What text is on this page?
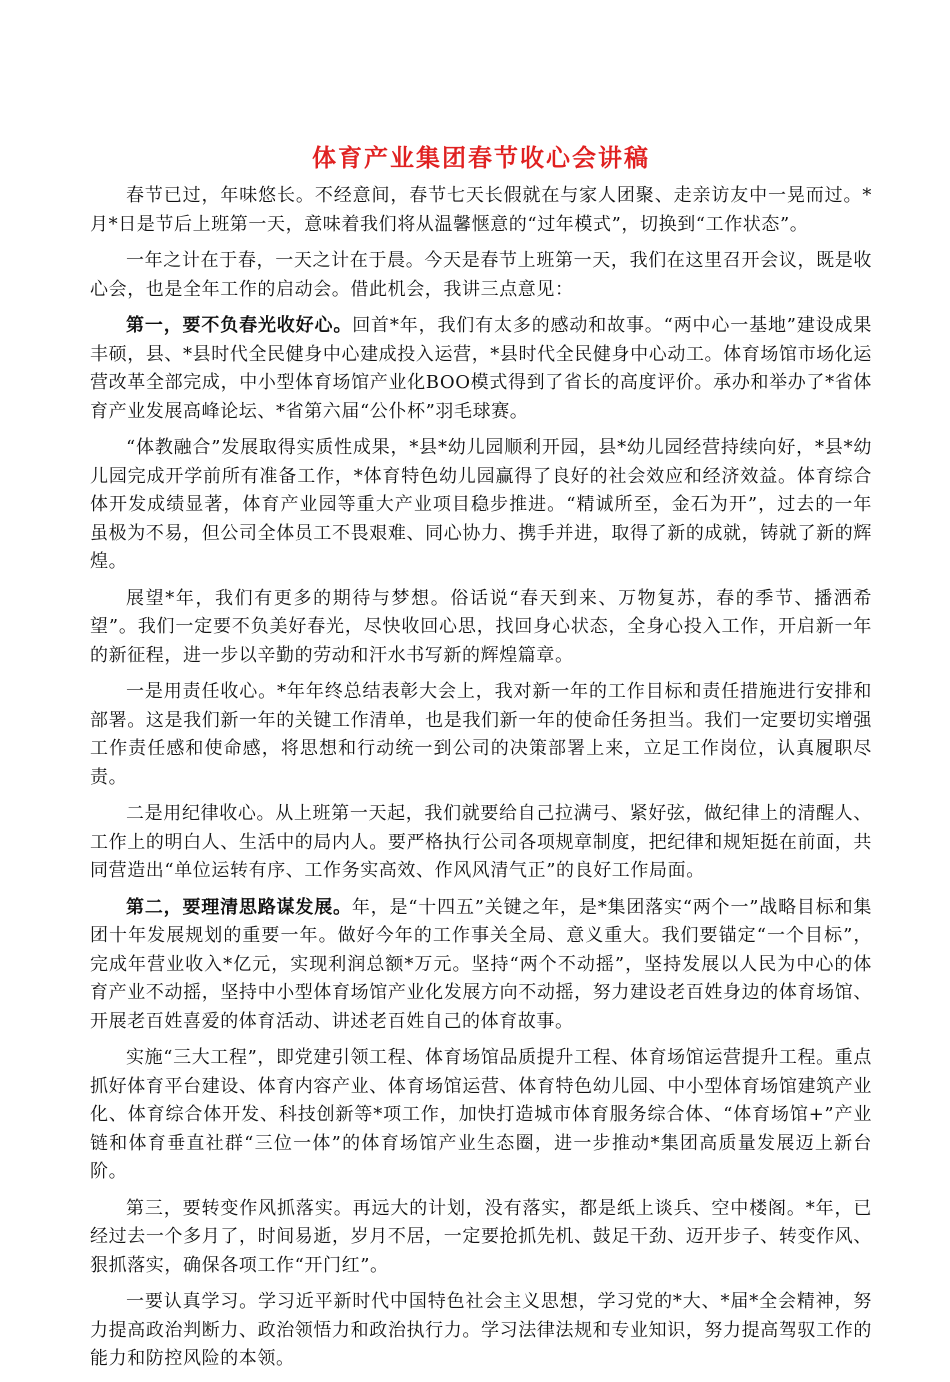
体育产业集团春节收心会讲稿

春节已过，年味悠长。不经意间，春节七天长假就在与家人团聚、走亲访友中一晃而过。*月*日是节后上班第一天，意味着我们将从温馨惬意的“过年模式”，切换到“工作状态”。

一年之计在于春，一天之计在于晨。今天是春节上班第一天，我们在这里召开会议，既是收心会，也是全年工作的启动会。借此机会，我讲三点意见：

第一，要不负春光收好心。回首*年，我们有太多的感动和故事。“两中心一基地”建设成果丰硕，县、*县时代全民健身中心建成投入运营，*县时代全民健身中心动工。体育场馆市场化运营改革全部完成，中小型体育场馆产业化BOO模式得到了省长的高度评价。承办和举办了*省体育产业发展高峰论坛、*省第六届“公仆杯”羽毛球赛。

“体教融合”发展取得实质性成果，*县*幼儿园顺利开园，县*幼儿园经营持续向好，*县*幼儿园完成开学前所有准备工作，*体育特色幼儿园赢得了良好的社会效应和经济效益。体育综合体开发成绩显著，体育产业园等重大产业项目稳步推进。“精诚所至，金石为开”，过去的一年虽极为不易，但公司全体员工不畏艰难、同心协力、携手并进，取得了新的成就，铸就了新的辉煌。

展望*年，我们有更多的期待与梦想。俗话说“春天到来、万物复苏，春的季节、播洒希望”。我们一定要不负美好春光，尽快收回心思，找回身心状态，全身心投入工作，开启新一年的新征程，进一步以辛勤的劳动和汗水书写新的辉煌篇章。

一是用责任收心。*年年终总结表彰大会上，我对新一年的工作目标和责任措施进行安排和部署。这是我们新一年的关键工作清单，也是我们新一年的使命任务担当。我们一定要切实增强工作责任感和使命感，将思想和行动统一到公司的决策部署上来，立足工作岗位，认真履职尽责。

二是用纪律收心。从上班第一天起，我们就要给自己拉满弓、紧好弦，做纪律上的清醒人、工作上的明白人、生活中的局内人。要严格执行公司各项规章制度，把纪律和规矩挺在前面，共同营造出“单位运转有序、工作务实高效、作风风清气正”的良好工作局面。

第二，要理清思路谋发展。年，是“十四五”关键之年，是*集团落实“两个一”战略目标和集团十年发展规划的重要一年。做好今年的工作事关全局、意义重大。我们要锚定“一个目标”，完成年营业收入*亿元，实现利润总额*万元。坚持“两个不动摇”，坚持发展以人民为中心的体育产业不动摇，坚持中小型体育场馆产业化发展方向不动摇，努力建设老百姓身边的体育场馆、开展老百姓喜爱的体育活动、讲述老百姓自己的体育故事。

实施“三大工程”，即党建引领工程、体育场馆品质提升工程、体育场馆运营提升工程。重点抓好体育平台建设、体育内容产业、体育场馆运营、体育特色幼儿园、中小型体育场馆建筑产业化、体育综合体开发、科技创新等*项工作，加快打造城市体育服务综合体、“体育场馆+”产业链和体育垂直社群“三位一体”的体育场馆产业生态圈，进一步推动*集团高质量发展迈上新台阶。

第三，要转变作风抓落实。再远大的计划，没有落实，都是纸上谈兵、空中楼阁。*年，已经过去一个多月了，时间易逝，岁月不居，一定要抢抓先机、鼓足干劲、迈开步子、转变作风、狠抓落实，确保各项工作“开门红”。

一要认真学习。学习近平新时代中国特色社会主义思想，学习党的*大、*届*全会精神，努力提高政治判断力、政治领悟力和政治执行力。学习法律法规和专业知识，努力提高驾驭工作的能力和防控风险的本领。
